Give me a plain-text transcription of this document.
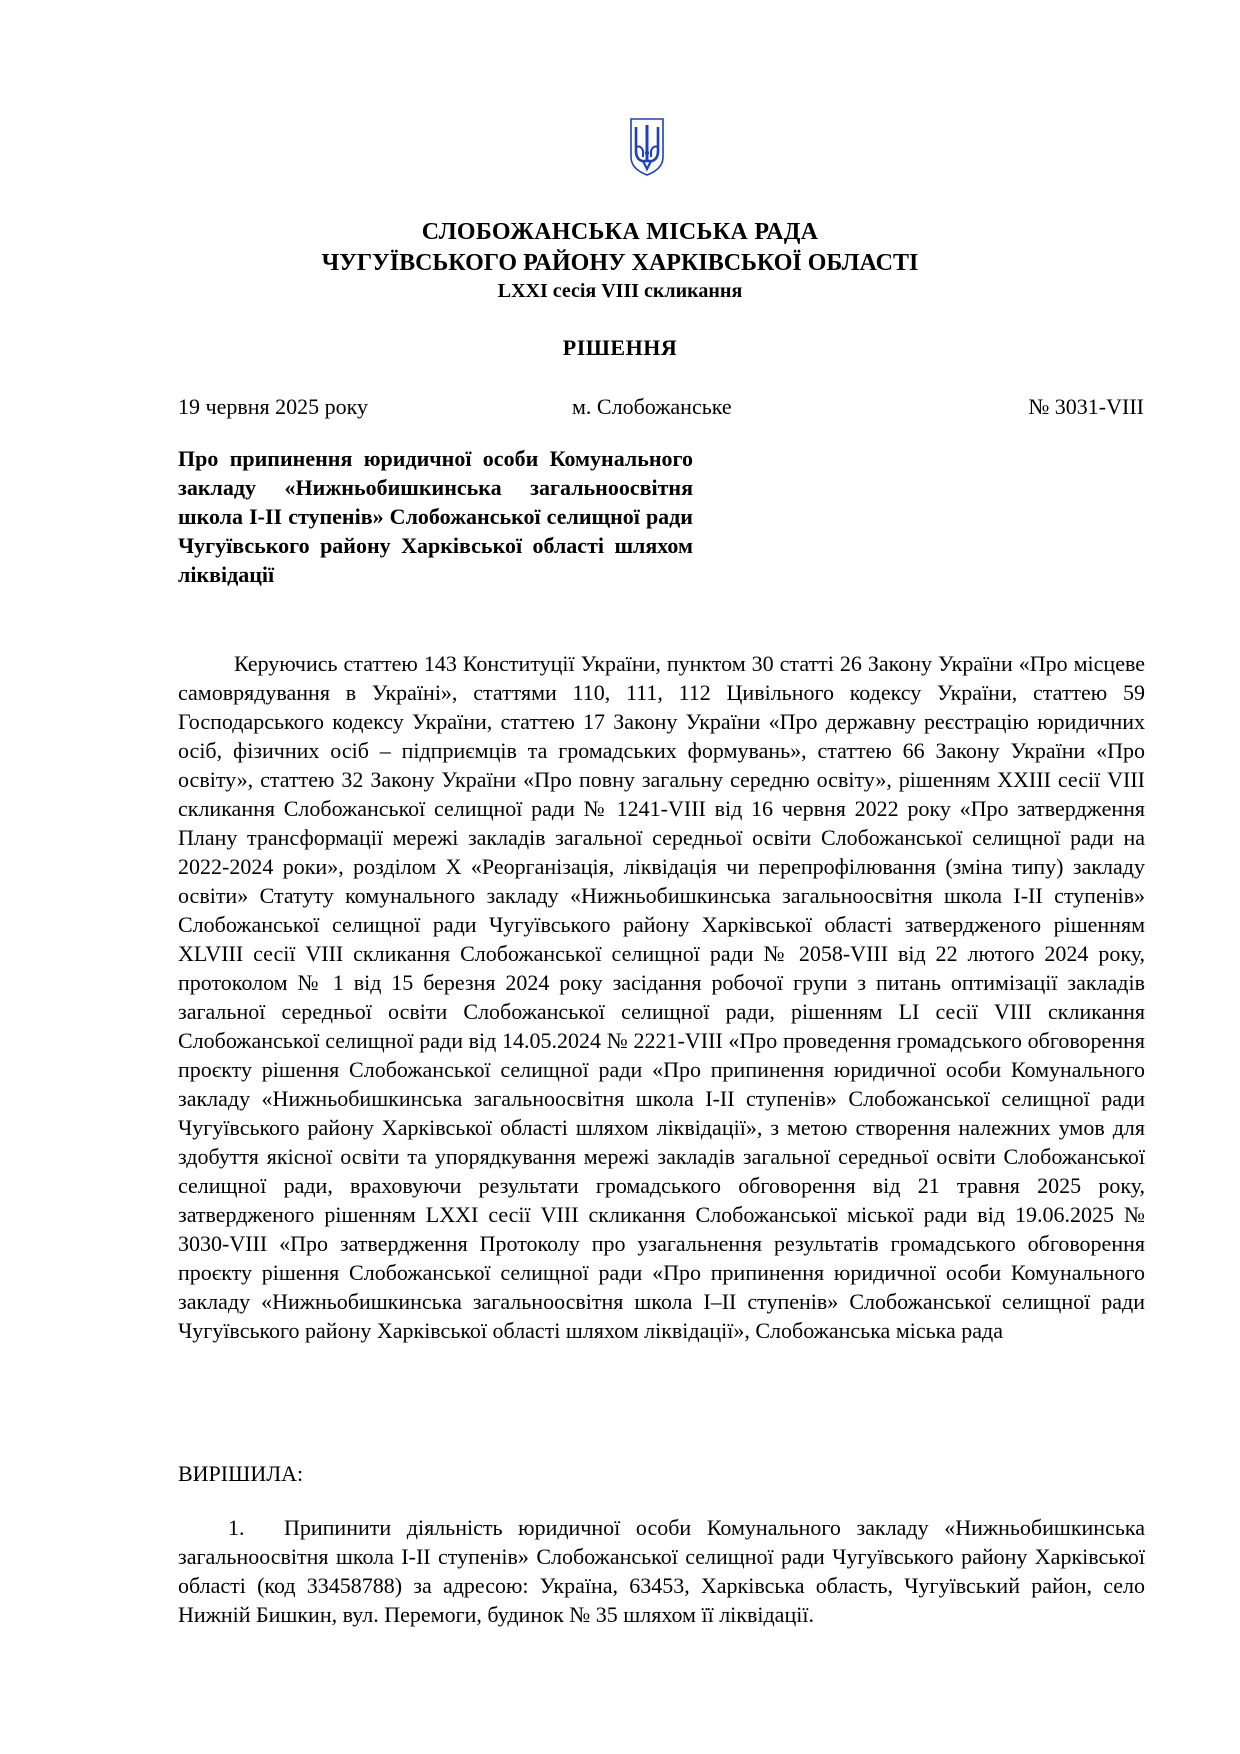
СЛОБОЖАНСЬКА МІСЬКА РАДА
ЧУГУЇВСЬКОГО РАЙОНУ ХАРКІВСЬКОЇ ОБЛАСТІ
LXXI сесія VIII скликання
РІШЕННЯ
19 червня 2025 року	м. Слобожанське	№ 3031-VIII
Про припинення юридичної особи Комунального закладу «Нижньобишкинська загальноосвітня школа І-ІІ ступенів» Слобожанської селищної ради Чугуївського району Харківської області шляхом ліквідації
Керуючись статтею 143 Конституції України, пунктом 30 статті 26 Закону України «Про місцеве самоврядування в Україні», статтями 110, 111, 112 Цивільного кодексу України, статтею 59 Господарського кодексу України, статтею 17 Закону України «Про державну реєстрацію юридичних осіб, фізичних осіб – підприємців та громадських формувань», статтею 66 Закону України «Про освіту», статтею 32 Закону України «Про повну загальну середню освіту», рішенням XXIII сесії VIII скликання Слобожанської селищної ради № 1241-VIII від 16 червня 2022 року «Про затвердження Плану трансформації мережі закладів загальної середньої освіти Слобожанської селищної ради на 2022-2024 роки», розділом Х «Реорганізація, ліквідація чи перепрофілювання (зміна типу) закладу освіти» Статуту комунального закладу «Нижньобишкинська загальноосвітня школа І-ІІ ступенів» Слобожанської селищної ради Чугуївського району Харківської області затвердженого рішенням XLVIII сесії VIII скликання Слобожанської селищної ради № 2058-VIII від 22 лютого 2024 року, протоколом № 1 від 15 березня 2024 року засідання робочої групи з питань оптимізації закладів загальної середньої освіти Слобожанської селищної ради, рішенням LI сесії VIII скликання Слобожанської селищної ради від 14.05.2024 № 2221-VIII «Про проведення громадського обговорення проєкту рішення Слобожанської селищної ради «Про припинення юридичної особи Комунального закладу «Нижньобишкинська загальноосвітня школа І-ІІ ступенів» Слобожанської селищної ради Чугуївського району Харківської області шляхом ліквідації», з метою створення належних умов для здобуття якісної освіти та упорядкування мережі закладів загальної середньої освіти Слобожанської селищної ради, враховуючи результати громадського обговорення від 21 травня 2025 року, затвердженого рішенням LXXI сесії VIII скликання Слобожанської міської ради від 19.06.2025 № 3030-VIII «Про затвердження Протоколу про узагальнення результатів громадського обговорення проєкту рішення Слобожанської селищної ради «Про припинення юридичної особи Комунального закладу «Нижньобишкинська загальноосвітня школа І–ІІ ступенів» Слобожанської селищної ради Чугуївського району Харківської області шляхом ліквідації», Слобожанська міська рада
ВИРІШИЛА:
1. Припинити діяльність юридичної особи Комунального закладу «Нижньобишкинська загальноосвітня школа І-ІІ ступенів» Слобожанської селищної ради Чугуївського району Харківської області (код 33458788) за адресою: Україна, 63453, Харківська область, Чугуївський район, село Нижній Бишкин, вул. Перемоги, будинок № 35 шляхом її ліквідації.
